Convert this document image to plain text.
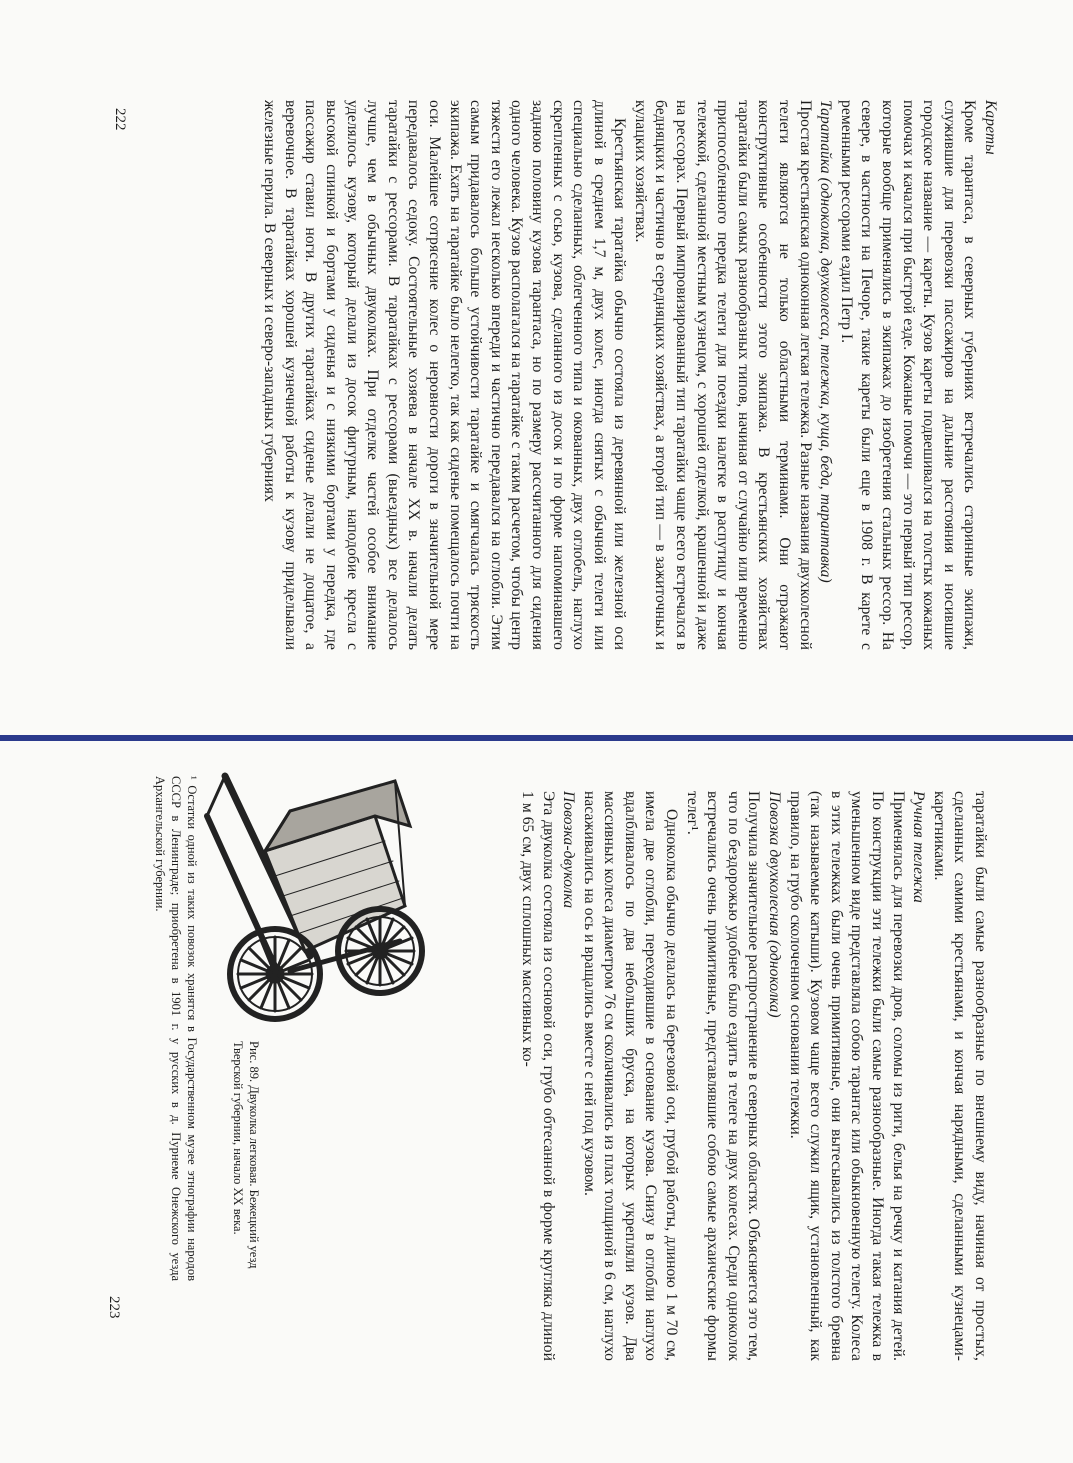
Кареты

Кроме тарантаса, в северных губерниях встречались старинные экипажи, служившие для перевозки пассажиров на дальние расстояния и носившие городское название — кареты. Кузов кареты подвешивался на толстых кожаных помочах и качался при быстрой езде. Кожаные помочи — это первый тип рессор, которые вообще применялись в экипажах до изобретения стальных рессор. На севере, в частности на Печоре, такие кареты были еще в 1908 г. В карете с ременными рессорами ездил Петр I.

Таратайка (одноколка, двухколесса, тележка, куща, беда, тарантавка)

Простая крестьянская одноконная легкая тележка. Разные названия двухколесной телеги являются не только областными терминами. Они отражают конструктивные особенности этого экипажа. В крестьянских хозяйствах таратайки были самых разнообразных типов, начиная от случайно или временно приспособленного передка телеги для поездки налегке в распутицу и кончая тележкой, сделанной местным кузнецом, с хорошей отделкой, крашенной и даже на рессорах. Первый импровизированный тип таратайки чаще всего встречался в бедняцких и частично в середняцких хозяйствах, а второй тип — в зажиточных и кулацких хозяйствах.

Крестьянская таратайка обычно состояла из деревянной или железной оси длиной в среднем 1,7 м, двух колес, иногда снятых с обычной телеги или специально сделанных, облегченного типа и окованных, двух оглобель, наглухо скрепленных с осью, кузова, сделанного из досок и по форме напоминавшего заднюю половину кузова тарантаса, но по размеру рассчитанного для сидения одного человека. Кузов располагался на таратайке с таким расчетом, чтобы центр тяжести его лежал несколько впереди и частично передавался на оглобли. Этим самым придавалось больше устойчивости таратайке и смягчалась тряскость экипажа. Ехать на таратайке было нелегко, так как сиденье помещалось почти на оси. Малейшее сотрясение колес о неровности дороги в значительной мере передавалось седоку. Состоятельные хозяева в начале XX в. начали делать таратайки с рессорами. В таратайках с рессорами (выездных) все делалось лучше, чем в обычных двуколках. При отделке частей особое внимание уделялось кузову, который делали из досок фигурным, наподобие кресла с высокой спинкой и бортами у сиденья и с низкими бортами у передка, где пассажир ставил ноги. В других таратайках сиденье делали не дощатое, а веревочное. В таратайках хорошей кузнечной работы к кузову приделывали железные перила. В северных и северо-западных губерниях

222

таратайки были самые разнообразные по внешнему виду, начиная от простых, сделанных самими крестьянами, и кончая нарядными, сделанными кузнецами-каретниками.

Ручная тележка

Применялась для перевозки дров, соломы из риги, белья на речку и катания детей. По конструкции эти тележки были самые разнообразные. Иногда такая тележка в уменьшенном виде представляла собою тарантас или обыкновенную телегу. Колеса в этих тележках были очень примитивные, они вытесывались из толстого бревна (так называемые катыши). Кузовом чаще всего служил ящик, установленный, как правило, на грубо сколоченном основании тележки.

Повозка двухколесная (одноколка)

Получила значительное распространение в северных областях. Объясняется это тем, что по бездорожью удобнее было ездить в телеге на двух колесах. Среди одноколок встречались очень примитивные, представлявшие собою самые архаические формы телег¹.

Одноколка обычно делалась на березовой оси, грубой работы, длиною 1 м 70 см, имела две оглобли, переходившие в основание кузова. Снизу в оглобли наглухо вдалбливалось по два небольших бруска, на которых укрепляли кузов. Два массивных колеса диаметром 76 см сколачивались из плах толщиной в 6 см, наглухо насаживались на ось и вращались вместе с ней под кузовом.

Повозка-двуколка

Эта двуколка состояла из сосновой оси, грубо обтесанной в форме кругляка длиной 1 м 65 см, двух сплошных массивных ко-

Рис. 89. Двуколка легковая. Бежецкий уезд Тверской губернии, начало XX века.
¹ Остатки одной из таких повозок хранятся в Государственном музее этнографии народов СССР в Ленинграде; приобретена в 1901 г. у русских в д. Пурнеме Онежского уезда Архангельской губернии.
223
